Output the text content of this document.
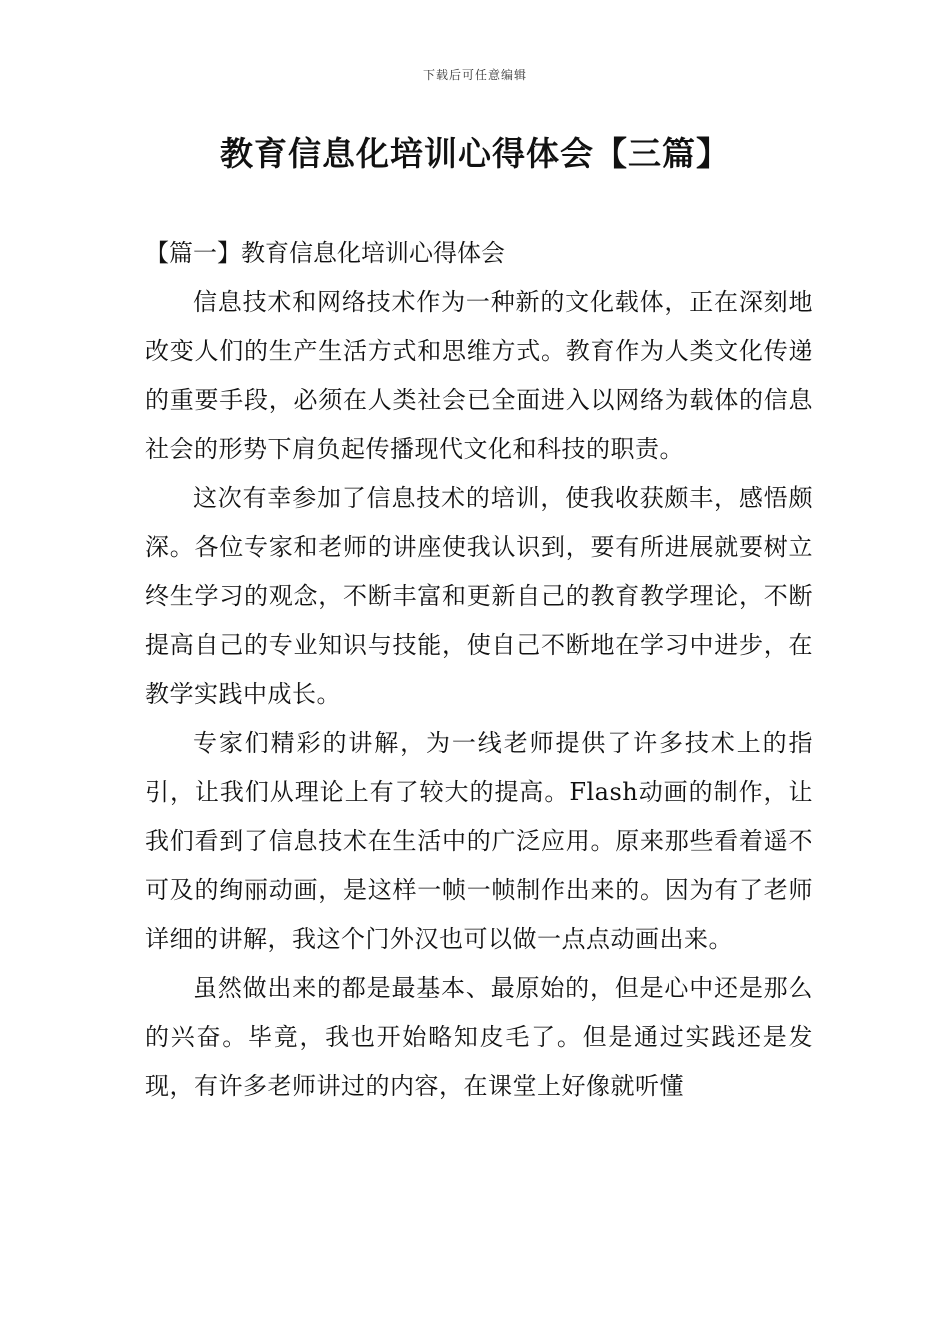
下载后可任意编辑
教育信息化培训心得体会【三篇】

【篇一】教育信息化培训心得体会

信息技术和网络技术作为一种新的文化载体，正在深刻地改变人们的生产生活方式和思维方式。教育作为人类文化传递的重要手段，必须在人类社会已全面进入以网络为载体的信息社会的形势下肩负起传播现代文化和科技的职责。

这次有幸参加了信息技术的培训，使我收获颇丰，感悟颇深。各位专家和老师的讲座使我认识到，要有所进展就要树立终生学习的观念，不断丰富和更新自己的教育教学理论，不断提高自己的专业知识与技能，使自己不断地在学习中进步，在教学实践中成长。

专家们精彩的讲解，为一线老师提供了许多技术上的指引，让我们从理论上有了较大的提高。Flash动画的制作，让我们看到了信息技术在生活中的广泛应用。原来那些看着遥不可及的绚丽动画，是这样一帧一帧制作出来的。因为有了老师详细的讲解，我这个门外汉也可以做一点点动画出来。

虽然做出来的都是最基本、最原始的，但是心中还是那么的兴奋。毕竟，我也开始略知皮毛了。但是通过实践还是发现，有许多老师讲过的内容，在课堂上好像就听懂
